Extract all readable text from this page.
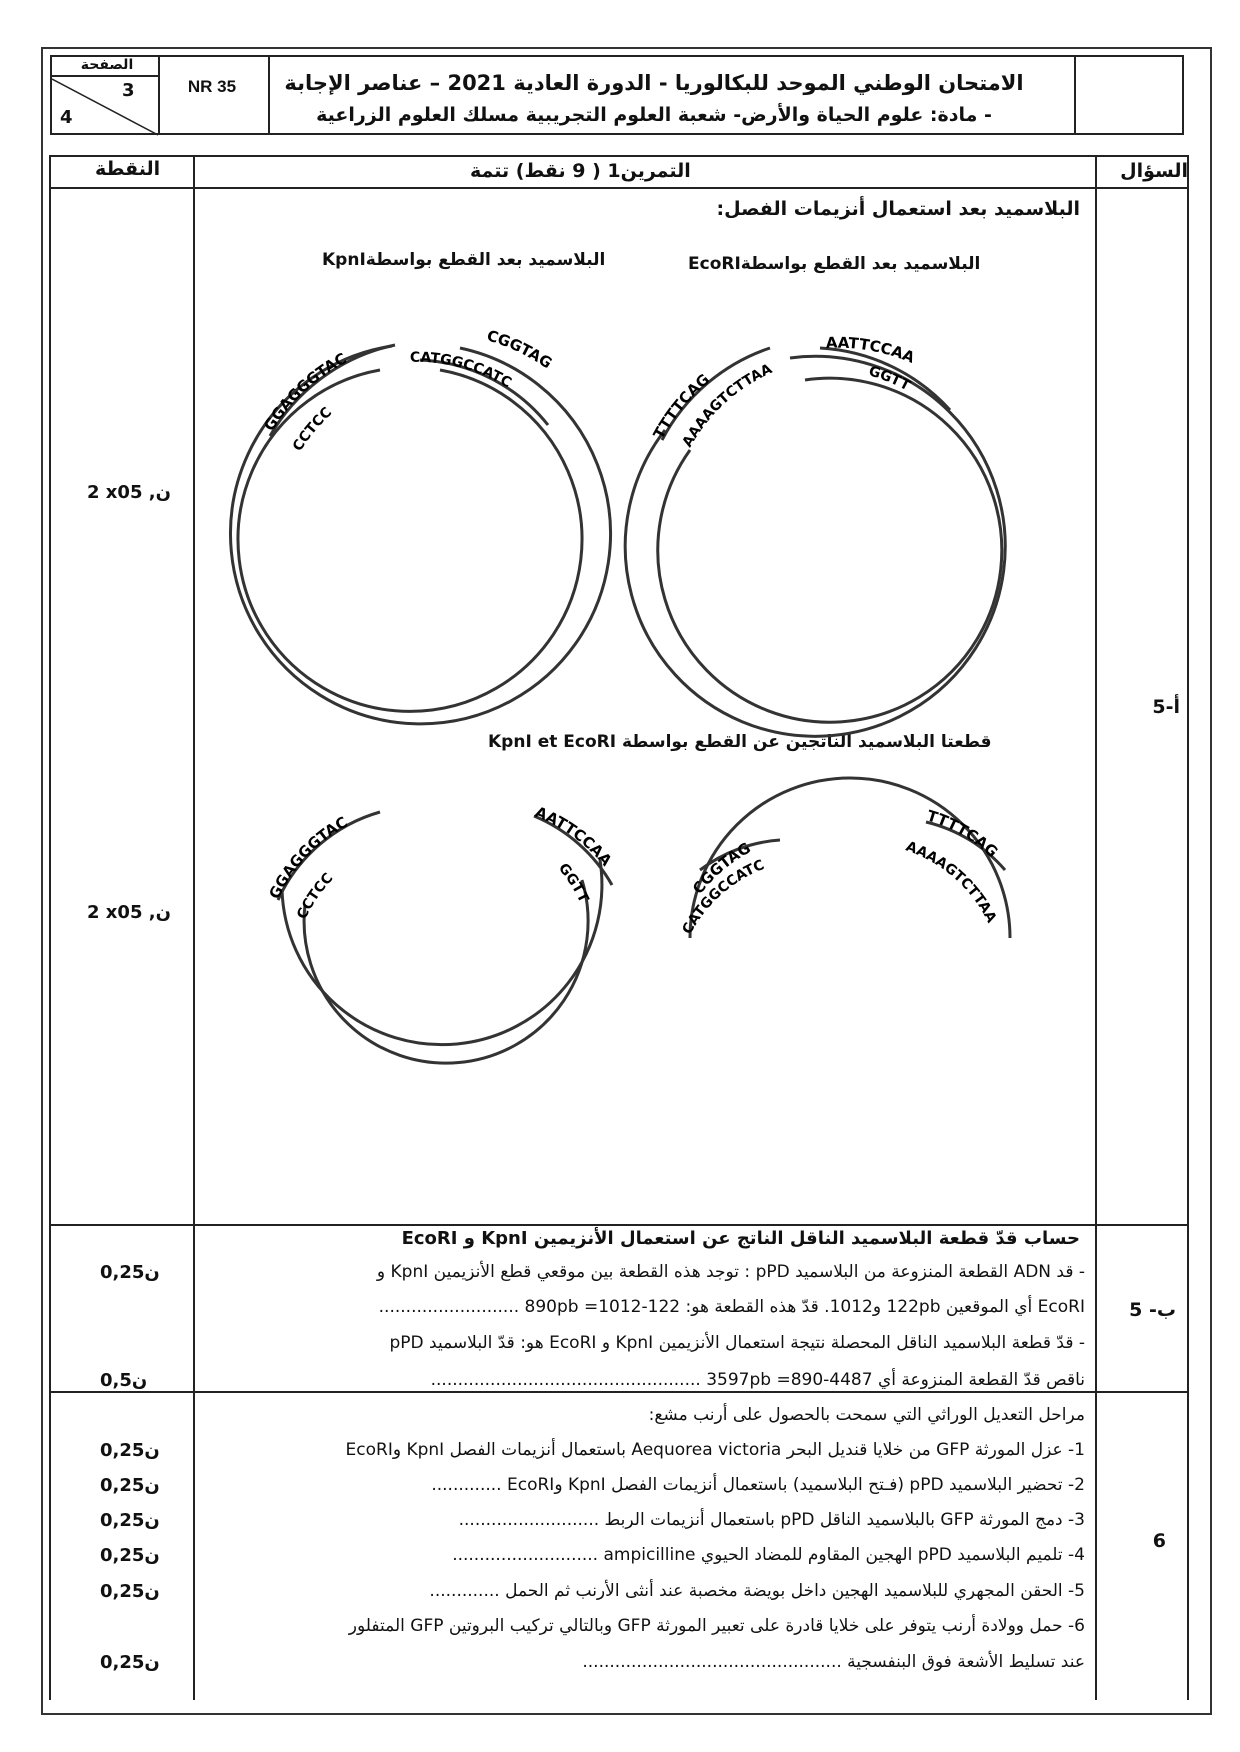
الصفحة
3
4
NR 35	الامتحان الوطني الموحد للبكالوريا - الدورة العادية 2021 – عناصر الإجابة
- مادة: علوم الحياة والأرض- شعبة العلوم التجريبية مسلك العلوم الزراعية
السؤال
التمرين1 ( 9 نقط) تتمة
النقطة
البلاسميد بعد استعمال أنزيمات الفصل:
البلاسميد بعد القطع بواسطةEcoRI
البلاسميد بعد القطع بواسطةKpnI
قطعتا البلاسميد الناتجين عن القطع بواسطة KpnI et EcoRI
5-أ
2 x0ن, 5
2 x0ن, 5
TTTTCAG
AAAAGTCTTAA
AATTCCAA
GGTT
GGAGGGTAC
CCTCC
CGGTAG
CATGGCCATC
GGAGGGTAC
CCTCC
AATTCCAA
GGTT	CGGTAG
CATGGCCATC
TTTTCAG
AAAAGTCTTAA
حساب قدّ قطعة البلاسميد الناقل الناتج عن استعمال الأنزيمين KpnI و EcoRI
- قد ADN القطعة المنزوعة من البلاسميد pPD : توجد هذه القطعة بين موقعي قطع الأنزيمين KpnI و
EcoRI أي الموقعين 122pb و1012. قدّ هذه القطعة هو: 890pb =1012-122 ..........................
- قدّ قطعة البلاسميد الناقل المحصلة نتيجة استعمال الأنزيمين KpnI و EcoRI هو: قدّ البلاسميد pPD
ناقص قدّ القطعة المنزوعة أي 3597pb =890-4487 ..................................................
5 -ب
0,25ن
0,5ن
مراحل التعديل الوراثي التي سمحت بالحصول على أرنب مشع:
1- عزل المورثة GFP من خلايا قنديل البحر Aequorea victoria باستعمال أنزيمات الفصل KpnI وEcoRI
2- تحضير البلاسميد pPD (فـتح البلاسميد) باستعمال أنزيمات الفصل KpnI وEcoRI .............
3- دمج المورثة GFP بالبلاسميد الناقل pPD باستعمال أنزيمات الربط ..........................
4- تلميم البلاسميد pPD الهجين المقاوم للمضاد الحيوي ampicilline ...........................
5- الحقن المجهري للبلاسميد الهجين داخل بويضة مخصبة عند أنثى الأرنب ثم الحمل .............
6- حمل وولادة أرنب يتوفر على خلايا قادرة على تعبير المورثة GFP وبالتالي تركيب البروتين GFP المتفلور
عند تسليط الأشعة فوق البنفسجية ................................................
6
0,25ن
0,25ن
0,25ن
0,25ن
0,25ن
0,25ن
